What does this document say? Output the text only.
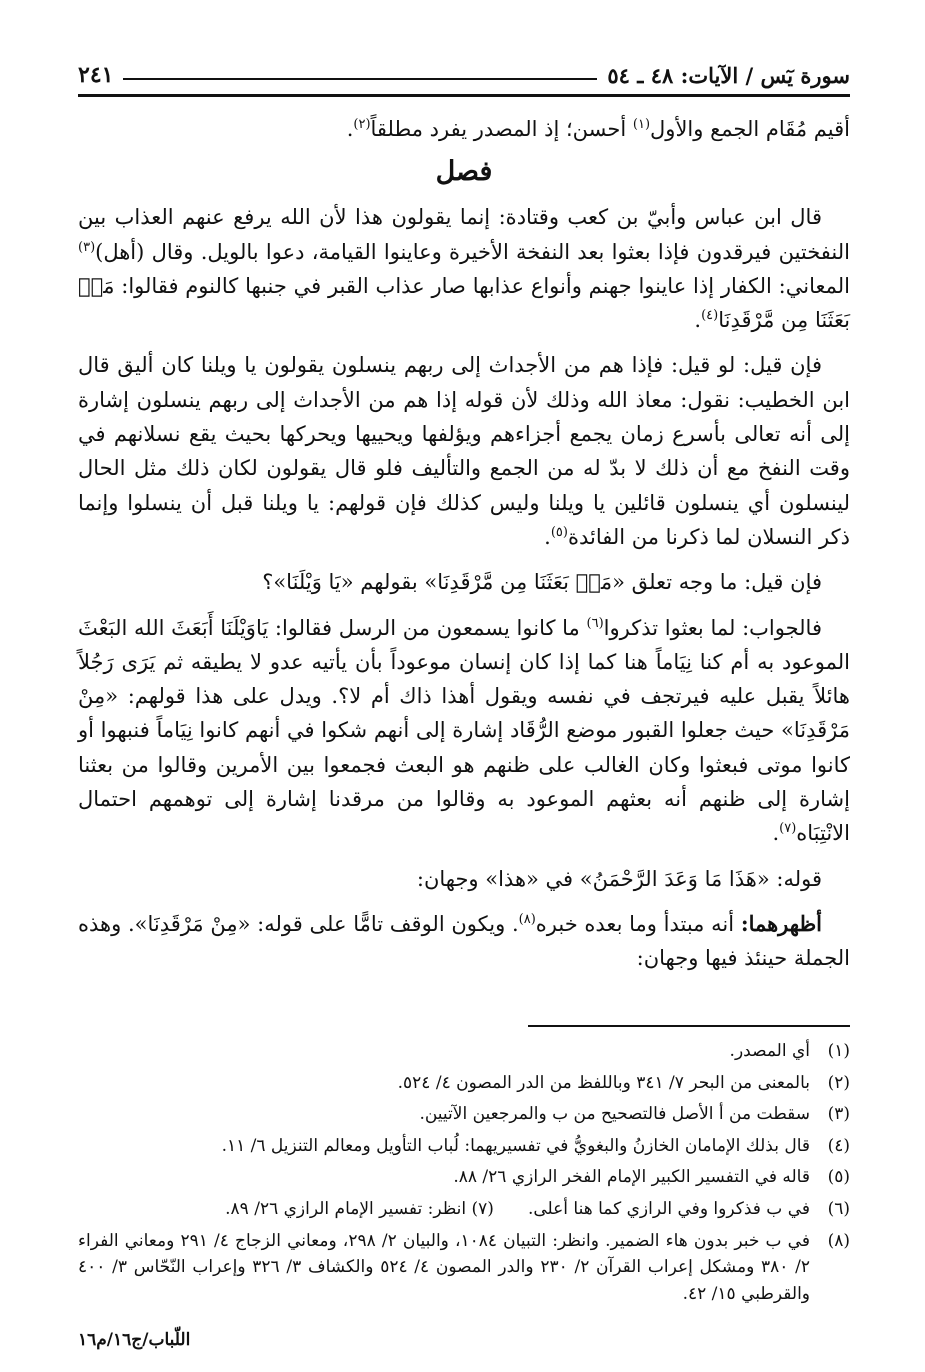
سورة يٓس / الآيات: ٤٨ ـ ٥٤
٢٤١

أقيم مُقَام الجمع والأول$^{(١)}$ أحسن؛ إذ المصدر يفرد مطلقاً$^{(٢)}$.

فصل

قال ابن عباس وأبيّ بن كعب وقتادة: إنما يقولون هذا لأن الله يرفع عنهم العذاب بين النفختين فيرقدون فإذا بعثوا بعد النفخة الأخيرة وعاينوا القيامة، دعوا بالويل. وقال (أهل)$^{(٣)}$ المعاني: الكفار إذا عاينوا جهنم وأنواع عذابها صار عذاب القبر في جنبها كالنوم فقالوا: مَنۢ بَعَثَنَا مِن مَّرْقَدِنَا$^{(٤)}$.

فإن قيل: لو قيل: فإذا هم من الأجداث إلى ربهم ينسلون يقولون يا ويلنا كان أليق قال ابن الخطيب: نقول: معاذ الله وذلك لأن قوله إذا هم من الأجداث إلى ربهم ينسلون إشارة إلى أنه تعالى بأسرع زمان يجمع أجزاءهم ويؤلفها ويحييها ويحركها بحيث يقع نسلانهم في وقت النفخ مع أن ذلك لا بدّ له من الجمع والتأليف فلو قال يقولون لكان ذلك مثل الحال لينسلون أي ينسلون قائلين يا ويلنا وليس كذلك فإن قولهم: يا ويلنا قبل أن ينسلوا وإنما ذكر النسلان لما ذكرنا من الفائدة$^{(٥)}$.

فإن قيل: ما وجه تعلق «مَنۢ بَعَثَنَا مِن مَّرْقَدِنَا» بقولهم «يَا وَيْلَنَا»؟

فالجواب: لما بعثوا تذكروا$^{(٦)}$ ما كانوا يسمعون من الرسل فقالوا: يَاوَيْلَنَا أَبَعَثَ الله البَعْثَ الموعود به أم كنا نِيَاماً هنا كما إذا كان إنسان موعوداً بأن يأتيه عدو لا يطيقه ثم يَرَى رَجُلاً هائلاً يقبل عليه فيرتجف في نفسه ويقول أهذا ذاك أم لا؟. ويدل على هذا قولهم: «مِنْ مَرْقَدِنَا» حيث جعلوا القبور موضع الرُّقَاد إشارة إلى أنهم شكوا في أنهم كانوا نِيَاماً فنبهوا أو كانوا موتى فبعثوا وكان الغالب على ظنهم هو البعث فجمعوا بين الأمرين وقالوا من بعثنا إشارة إلى ظنهم أنه بعثهم الموعود به وقالوا من مرقدنا إشارة إلى توهمهم احتمال الانْتِبَاه$^{(٧)}$.

قوله: «هَذَا مَا وَعَدَ الرَّحْمَنُ» في «هذا» وجهان:

أظهرهما: أنه مبتدأ وما بعده خبره$^{(٨)}$. ويكون الوقف تامًّا على قوله: «مِنْ مَرْقَدِنَا». وهذه الجملة حينئذ فيها وجهان:

(١)
أي المصدر.
(٢)
بالمعنى من البحر ٧/ ٣٤١ وباللفظ من الدر المصون ٤/ ٥٢٤.
(٣)
سقطت من أ الأصل فالتصحيح من ب والمرجعين الآتيين.
(٤)
قال بذلك الإمامان الخازنُ والبغويُّ في تفسيريهما: لُباب التأويل ومعالم التنزيل ٦/ ١١.
(٥)
قاله في التفسير الكبير الإمام الفخر الرازي ٢٦/ ٨٨.
(٦)
في ب فذكروا وفي الرازي كما هنا أعلى.(٧) انظر: تفسير الإمام الرازي ٢٦/ ٨٩.
(٨)
في ب خبر بدون هاء الضمير. وانظر: التبيان ١٠٨٤، والبيان ٢/ ٢٩٨، ومعاني الزجاج ٤/ ٢٩١ ومعاني الفراء ٢/ ٣٨٠ ومشكل إعراب القرآن ٢/ ٢٣٠ والدر المصون ٤/ ٥٢٤ والكشاف ٣/ ٣٢٦ وإعراب النّحّاس ٣/ ٤٠٠ والقرطبي ١٥/ ٤٢.
اللّباب/ج١٦/م١٦
